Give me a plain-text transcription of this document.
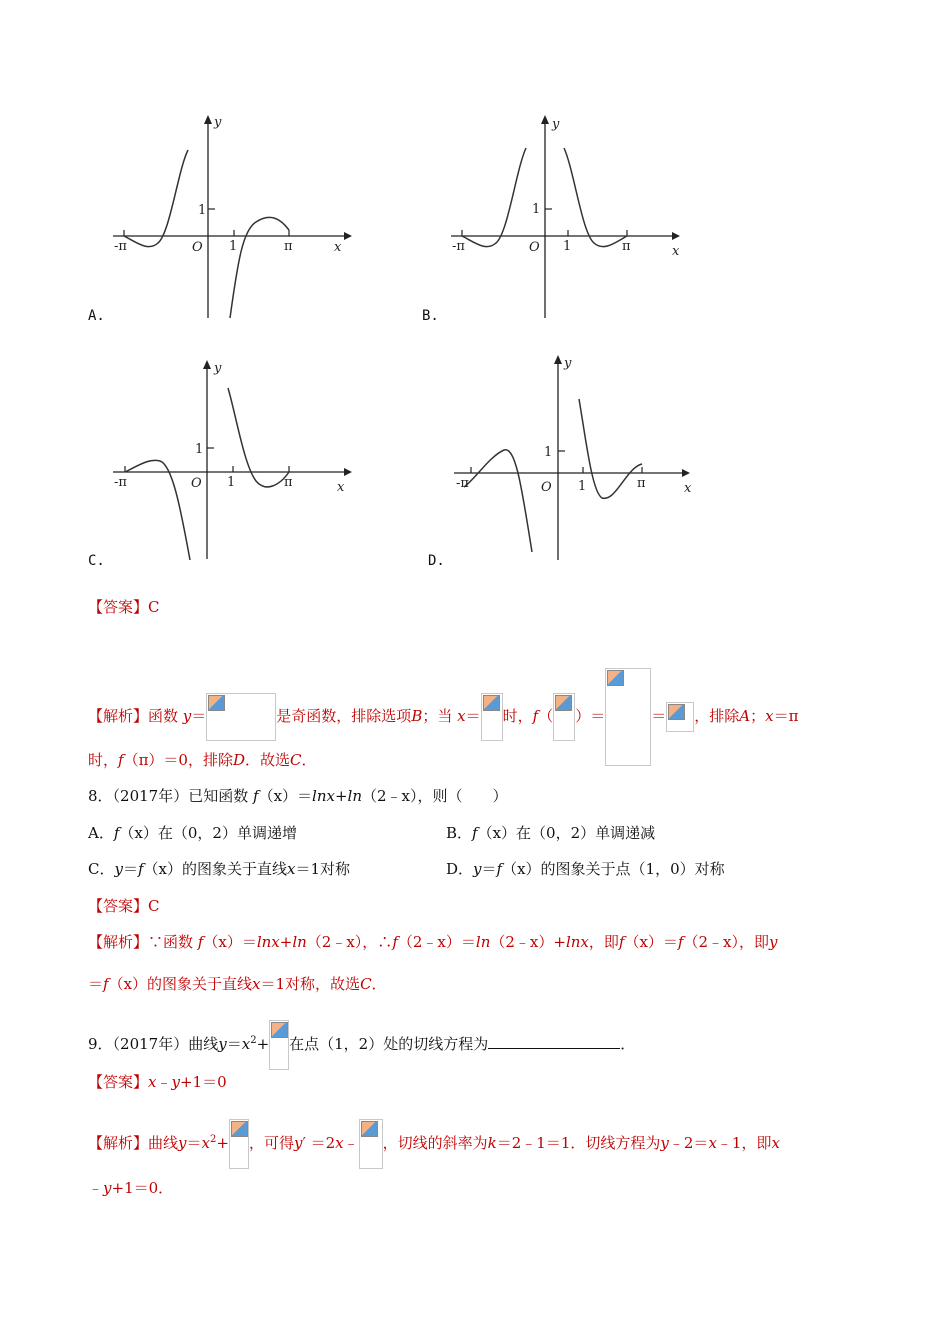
1
-π	O 1	π	x
y
A.
1
-π	O 1	π	x
y
B.
1
-π	O 1	π	x
y
C.
1
-π	O 1	π	x
y
D.
【答案】C
【解析】函数 y＝	是奇函数，排除选项B；当 x＝ 时，f（ ）＝	＝ ，排除A；x＝π
时，f（π）＝0，排除D．故选C．
8．（2017年）已知函数 f（x）＝lnx+ln（2﹣x），则（　　）
A．f（x）在（0，2）单调递增	B．f（x）在（0，2）单调递减
C．y＝f（x）的图象关于直线x＝1对称	D．y＝f（x）的图象关于点（1，0）对称
【答案】C
【解析】∵函数 f（x）＝lnx+ln（2﹣x），∴f（2﹣x）＝ln（2﹣x）+lnx，即f（x）＝f（2﹣x），即y
＝f（x）的图象关于直线x＝1对称，故选C．
9．（2017年）曲线$y=x^2+$ 在点（1，2）处的切线方程为	．
【答案】x﹣y+1＝0
【解析】曲线$y=x^2+$ ，可得y′ ＝2x﹣ ，切线的斜率为k＝2﹣1＝1．切线方程为y﹣2＝x﹣1，即x
﹣y+1＝0．
